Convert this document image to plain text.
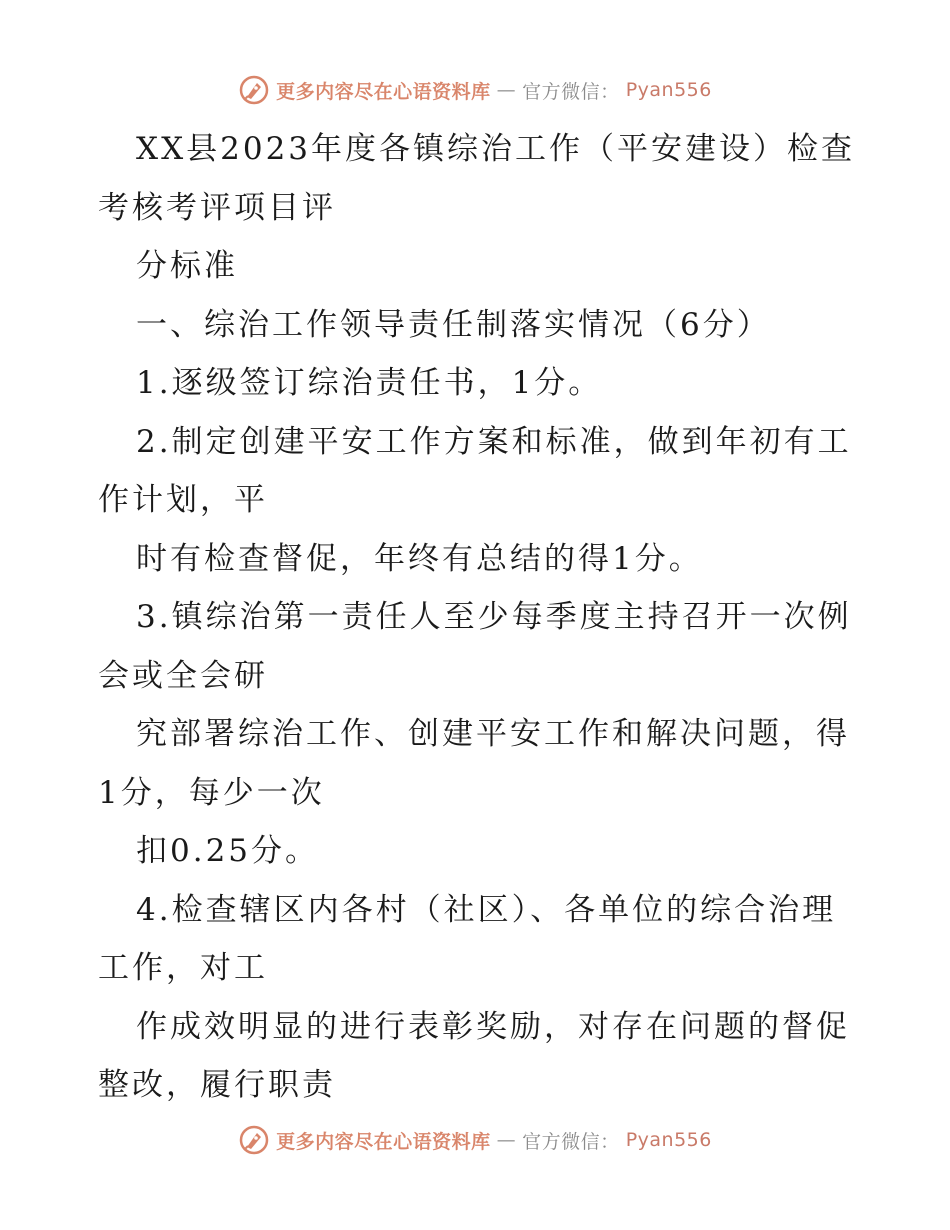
更多内容尽在心语资料库 — 官方微信： Pyan556
XX县2023年度各镇综治工作（平安建设）检查
考核考评项目评
分标准
一、综治工作领导责任制落实情况（6分）
1.逐级签订综治责任书，1分。
2.制定创建平安工作方案和标准，做到年初有工
作计划，平
时有检查督促，年终有总结的得1分。
3.镇综治第一责任人至少每季度主持召开一次例
会或全会研
究部署综治工作、创建平安工作和解决问题，得
1分，每少一次
扣0.25分。
4.检查辖区内各村（社区）、各单位的综合治理
工作，对工
作成效明显的进行表彰奖励，对存在问题的督促
整改，履行职责
更多内容尽在心语资料库 — 官方微信： Pyan556
